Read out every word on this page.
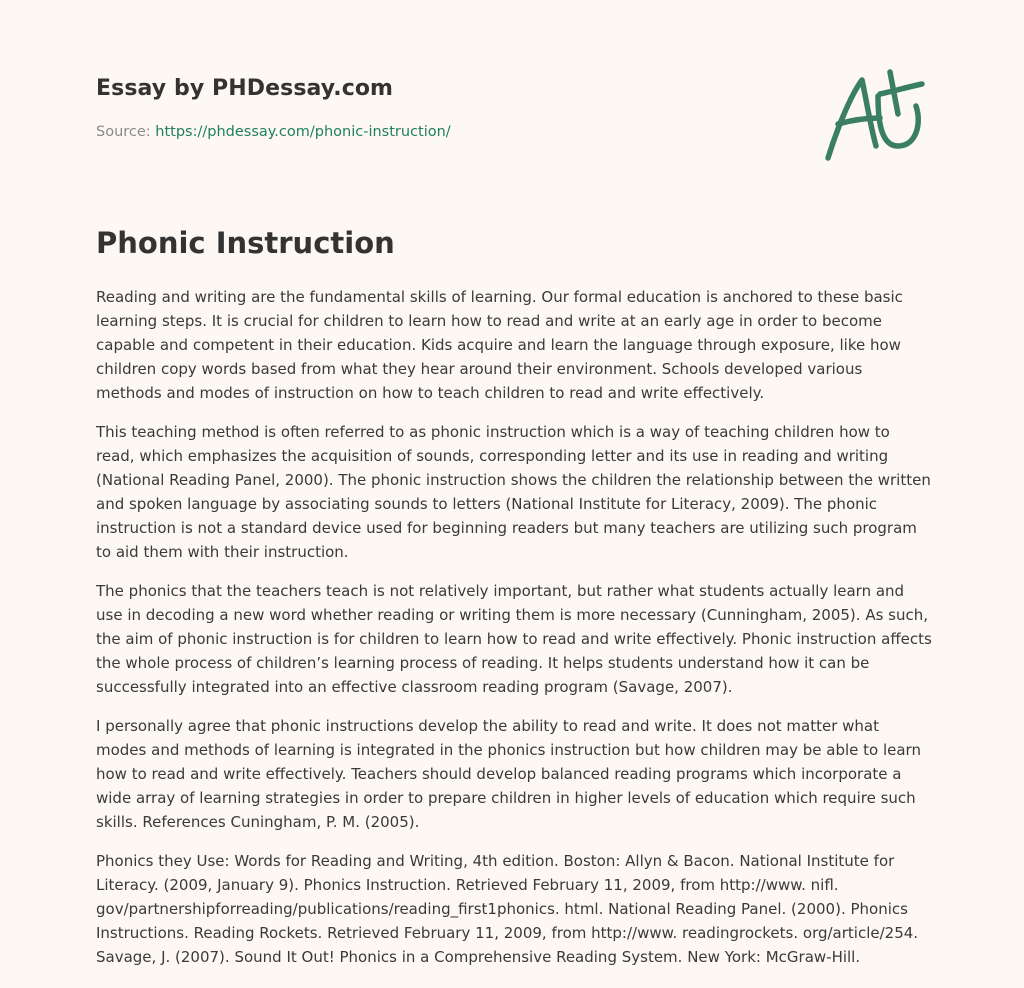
Essay by PHDessay.com
Source: https://phdessay.com/phonic-instruction/
Phonic Instruction

Reading and writing are the fundamental skills of learning. Our formal education is anchored to these basic learning steps. It is crucial for children to learn how to read and write at an early age in order to become capable and competent in their education. Kids acquire and learn the language through exposure, like how children copy words based from what they hear around their environment. Schools developed various methods and modes of instruction on how to teach children to read and write effectively.

This teaching method is often referred to as phonic instruction which is a way of teaching children how to read, which emphasizes the acquisition of sounds, corresponding letter and its use in reading and writing (National Reading Panel, 2000). The phonic instruction shows the children the relationship between the written and spoken language by associating sounds to letters (National Institute for Literacy, 2009). The phonic instruction is not a standard device used for beginning readers but many teachers are utilizing such program to aid them with their instruction.

The phonics that the teachers teach is not relatively important, but rather what students actually learn and use in decoding a new word whether reading or writing them is more necessary (Cunningham, 2005). As such, the aim of phonic instruction is for children to learn how to read and write effectively. Phonic instruction affects the whole process of children’s learning process of reading. It helps students understand how it can be successfully integrated into an effective classroom reading program (Savage, 2007).

I personally agree that phonic instructions develop the ability to read and write. It does not matter what modes and methods of learning is integrated in the phonics instruction but how children may be able to learn how to read and write effectively. Teachers should develop balanced reading programs which incorporate a wide array of learning strategies in order to prepare children in higher levels of education which require such skills. References Cuningham, P. M. (2005).

Phonics they Use: Words for Reading and Writing, 4th edition. Boston: Allyn & Bacon. National Institute for Literacy. (2009, January 9). Phonics Instruction. Retrieved February 11, 2009, from http://www. nifl. gov/partnershipforreading/publications/reading_first1phonics. html. National Reading Panel. (2000). Phonics Instructions. Reading Rockets. Retrieved February 11, 2009, from http://www. readingrockets. org/article/254. Savage, J. (2007). Sound It Out! Phonics in a Comprehensive Reading System. New York: McGraw-Hill.
